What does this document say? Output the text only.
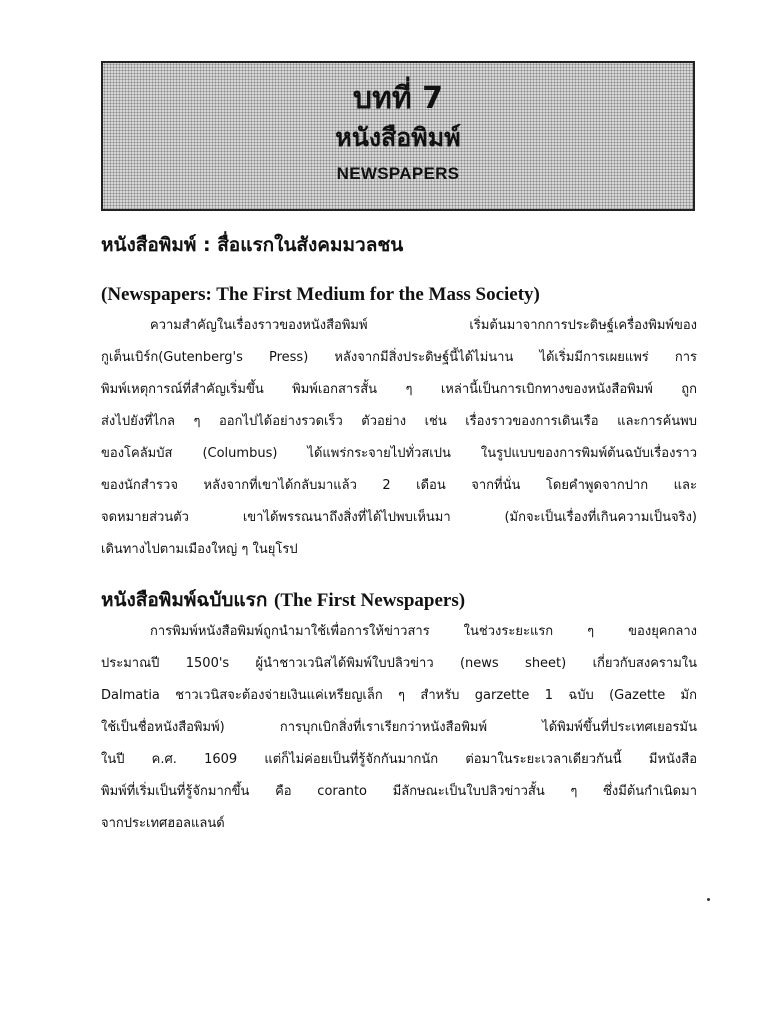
บทที่ 7
หนังสือพิมพ์
NEWSPAPERS
หนังสือพิมพ์ : สื่อแรกในสังคมมวลชน
(Newspapers: The First Medium for the Mass Society)
ความสำคัญในเรื่องราวของหนังสือพิมพ์ เริ่มต้นมาจากการประดิษฐ์เครื่องพิมพ์ของ
กูเต็นเบิร์ก(Gutenberg's Press) หลังจากมีสิ่งประดิษฐ์นี้ได้ไม่นาน ได้เริ่มมีการเผยแพร่ การ
พิมพ์เหตุการณ์ที่สำคัญเริ่มขึ้น พิมพ์เอกสารสั้น ๆ เหล่านี้เป็นการเบิกทางของหนังสือพิมพ์ ถูก
ส่งไปยังที่ไกล ๆ ออกไปได้อย่างรวดเร็ว ตัวอย่าง เช่น เรื่องราวของการเดินเรือ และการค้นพบ
ของโคลัมบัส (Columbus) ได้แพร่กระจายไปทั่วสเปน ในรูปแบบของการพิมพ์ต้นฉบับเรื่องราว
ของนักสำรวจ หลังจากที่เขาได้กลับมาแล้ว 2 เดือน จากที่นั่น โดยคำพูดจากปาก และ
จดหมายส่วนตัว เขาได้พรรณนาถึงสิ่งที่ได้ไปพบเห็นมา (มักจะเป็นเรื่องที่เกินความเป็นจริง)
เดินทางไปตามเมืองใหญ่ ๆ ในยุโรป
หนังสือพิมพ์ฉบับแรก (The First Newspapers)
การพิมพ์หนังสือพิมพ์ถูกนำมาใช้เพื่อการให้ข่าวสาร ในช่วงระยะแรก ๆ ของยุคกลาง
ประมาณปี 1500's ผู้นำชาวเวนิสได้พิมพ์ใบปลิวข่าว (news sheet) เกี่ยวกับสงครามใน
Dalmatia ชาวเวนิสจะต้องจ่ายเงินแค่เหรียญเล็ก ๆ สำหรับ garzette 1 ฉบับ (Gazette มัก
ใช้เป็นชื่อหนังสือพิมพ์) การบุกเบิกสิ่งที่เราเรียกว่าหนังสือพิมพ์ ได้พิมพ์ขึ้นที่ประเทศเยอรมัน
ในปี ค.ศ. 1609 แต่ก็ไม่ค่อยเป็นที่รู้จักกันมากนัก ต่อมาในระยะเวลาเดียวกันนี้ มีหนังสือ
พิมพ์ที่เริ่มเป็นที่รู้จักมากขึ้น คือ coranto มีลักษณะเป็นใบปลิวข่าวสั้น ๆ ซึ่งมีต้นกำเนิดมา
จากประเทศฮอลแลนด์
